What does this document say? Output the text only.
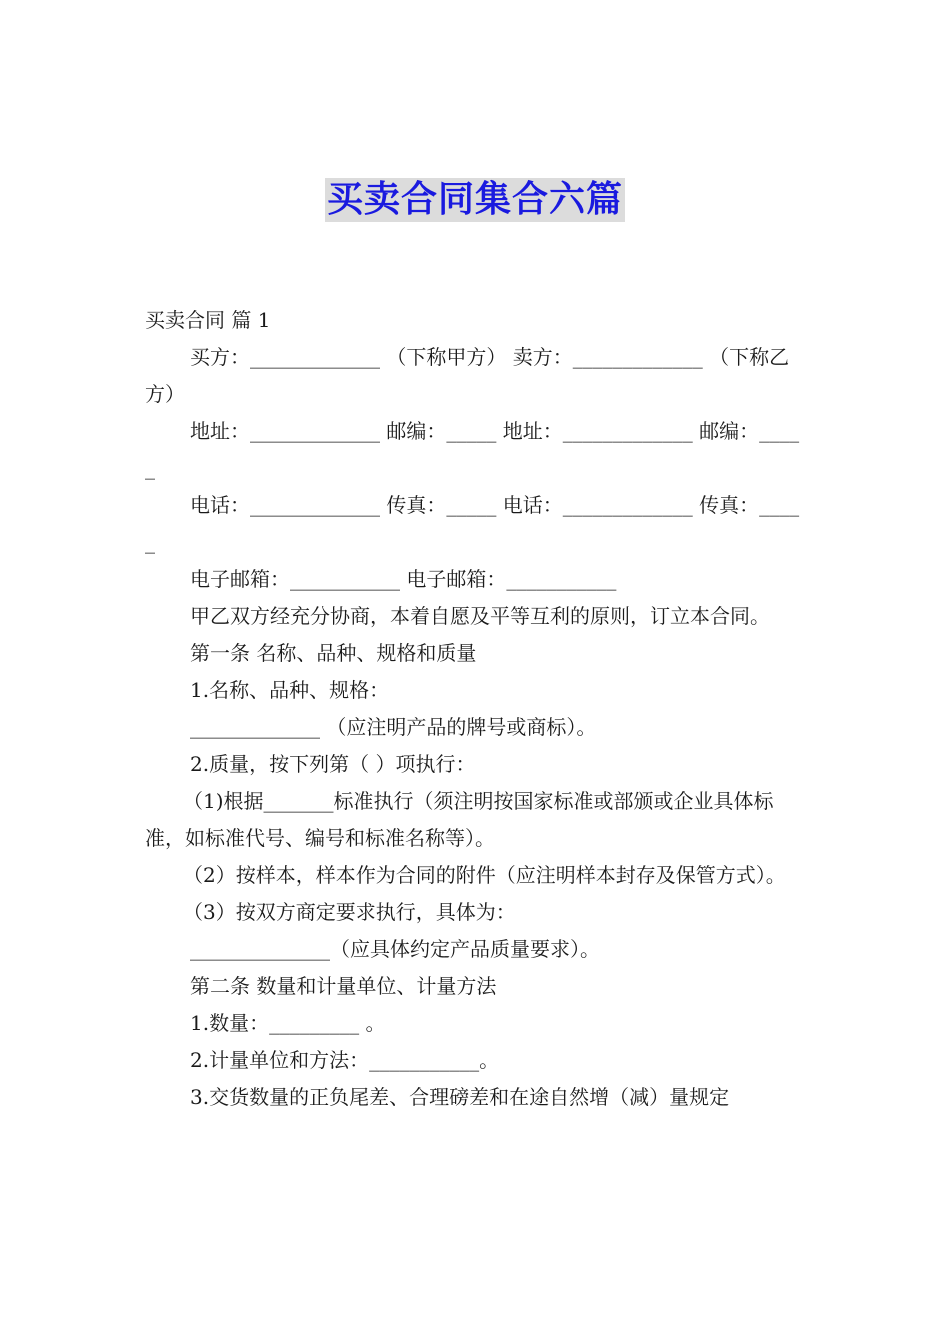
买卖合同集合六篇

买卖合同 篇 1

买方：_____________ （下称甲方） 卖方：_____________ （下称乙方）

地址：_____________ 邮编：_____ 地址：_____________ 邮编：_____

电话：_____________ 传真：_____ 电话：_____________ 传真：_____

电子邮箱：___________ 电子邮箱：___________

甲乙双方经充分协商，本着自愿及平等互利的原则，订立本合同。

第一条 名称、品种、规格和质量

1.名称、品种、规格：

_____________ （应注明产品的牌号或商标）。

2.质量，按下列第（ ）项执行：

（1)根据_______标准执行（须注明按国家标准或部颁或企业具体标准，如标准代号、编号和标准名称等）。

（2）按样本，样本作为合同的附件（应注明样本封存及保管方式）。

（3）按双方商定要求执行，具体为：

______________（应具体约定产品质量要求）。

第二条 数量和计量单位、计量方法

1.数量：_________ 。

2.计量单位和方法：___________。

3.交货数量的正负尾差、合理磅差和在途自然增（减）量规定
